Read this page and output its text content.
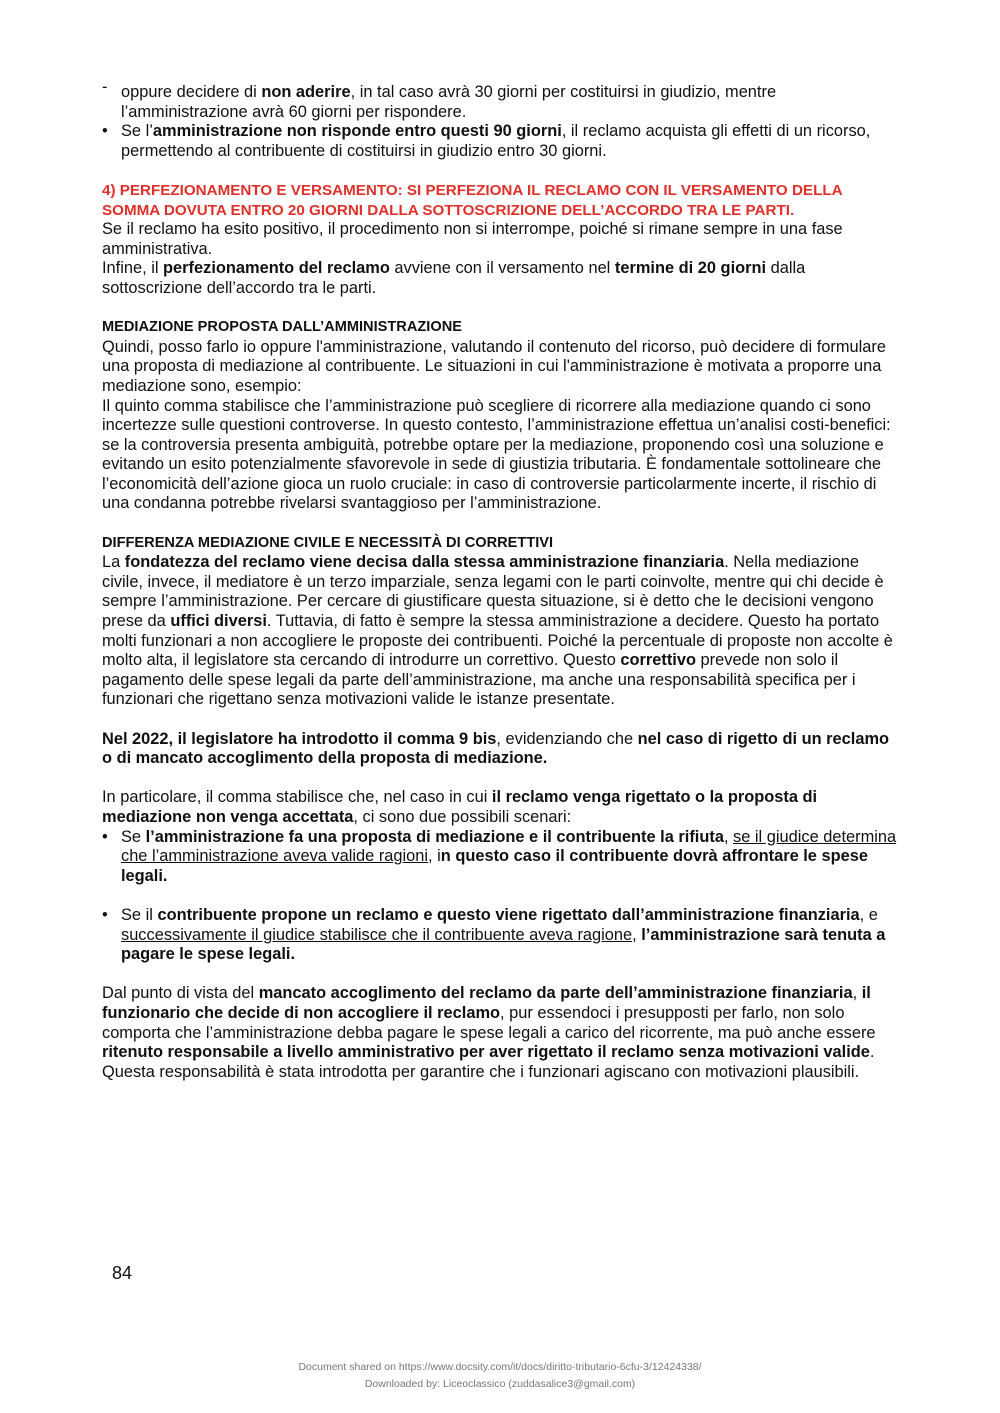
- oppure decidere di non aderire, in tal caso avrà 30 giorni per costituirsi in giudizio, mentre l’amministrazione avrà 60 giorni per rispondere.
• Se l’amministrazione non risponde entro questi 90 giorni, il reclamo acquista gli effetti di un ricorso, permettendo al contribuente di costituirsi in giudizio entro 30 giorni.

4) PERFEZIONAMENTO E VERSAMENTO: SI PERFEZIONA IL RECLAMO CON IL VERSAMENTO DELLA SOMMA DOVUTA ENTRO 20 GIORNI DALLA SOTTOSCRIZIONE DELL’ACCORDO TRA LE PARTI.

Se il reclamo ha esito positivo, il procedimento non si interrompe, poiché si rimane sempre in una fase amministrativa.

Infine, il perfezionamento del reclamo avviene con il versamento nel termine di 20 giorni dalla sottoscrizione dell’accordo tra le parti.

MEDIAZIONE PROPOSTA DALL’AMMINISTRAZIONE

Quindi, posso farlo io oppure l'amministrazione, valutando il contenuto del ricorso, può decidere di formulare una proposta di mediazione al contribuente. Le situazioni in cui l'amministrazione è motivata a proporre una mediazione sono, esempio:

Il quinto comma stabilisce che l’amministrazione può scegliere di ricorrere alla mediazione quando ci sono incertezze sulle questioni controverse. In questo contesto, l’amministrazione effettua un’analisi costi-benefici: se la controversia presenta ambiguità, potrebbe optare per la mediazione, proponendo così una soluzione e evitando un esito potenzialmente sfavorevole in sede di giustizia tributaria. È fondamentale sottolineare che l’economicità dell’azione gioca un ruolo cruciale: in caso di controversie particolarmente incerte, il rischio di una condanna potrebbe rivelarsi svantaggioso per l’amministrazione.

DIFFERENZA MEDIAZIONE CIVILE E NECESSITÀ DI CORRETTIVI

La fondatezza del reclamo viene decisa dalla stessa amministrazione finanziaria. Nella mediazione civile, invece, il mediatore è un terzo imparziale, senza legami con le parti coinvolte, mentre qui chi decide è sempre l’amministrazione. Per cercare di giustificare questa situazione, si è detto che le decisioni vengono prese da uffici diversi. Tuttavia, di fatto è sempre la stessa amministrazione a decidere. Questo ha portato molti funzionari a non accogliere le proposte dei contribuenti. Poiché la percentuale di proposte non accolte è molto alta, il legislatore sta cercando di introdurre un correttivo. Questo correttivo prevede non solo il pagamento delle spese legali da parte dell’amministrazione, ma anche una responsabilità specifica per i funzionari che rigettano senza motivazioni valide le istanze presentate.

Nel 2022, il legislatore ha introdotto il comma 9 bis, evidenziando che nel caso di rigetto di un reclamo o di mancato accoglimento della proposta di mediazione.

In particolare, il comma stabilisce che, nel caso in cui il reclamo venga rigettato o la proposta di mediazione non venga accettata, ci sono due possibili scenari:

• Se l’amministrazione fa una proposta di mediazione e il contribuente la rifiuta, se il giudice determina che l’amministrazione aveva valide ragioni, in questo caso il contribuente dovrà affrontare le spese legali.
• Se il contribuente propone un reclamo e questo viene rigettato dall’amministrazione finanziaria, e successivamente il giudice stabilisce che il contribuente aveva ragione, l’amministrazione sarà tenuta a pagare le spese legali.

Dal punto di vista del mancato accoglimento del reclamo da parte dell’amministrazione finanziaria, il funzionario che decide di non accogliere il reclamo, pur essendoci i presupposti per farlo, non solo comporta che l’amministrazione debba pagare le spese legali a carico del ricorrente, ma può anche essere ritenuto responsabile a livello amministrativo per aver rigettato il reclamo senza motivazioni valide.

Questa responsabilità è stata introdotta per garantire che i funzionari agiscano con motivazioni plausibili.

84
Document shared on https://www.docsity.com/it/docs/diritto-tributario-6cfu-3/12424338/
Downloaded by: Liceoclassico (zuddasalice3@gmail.com)
